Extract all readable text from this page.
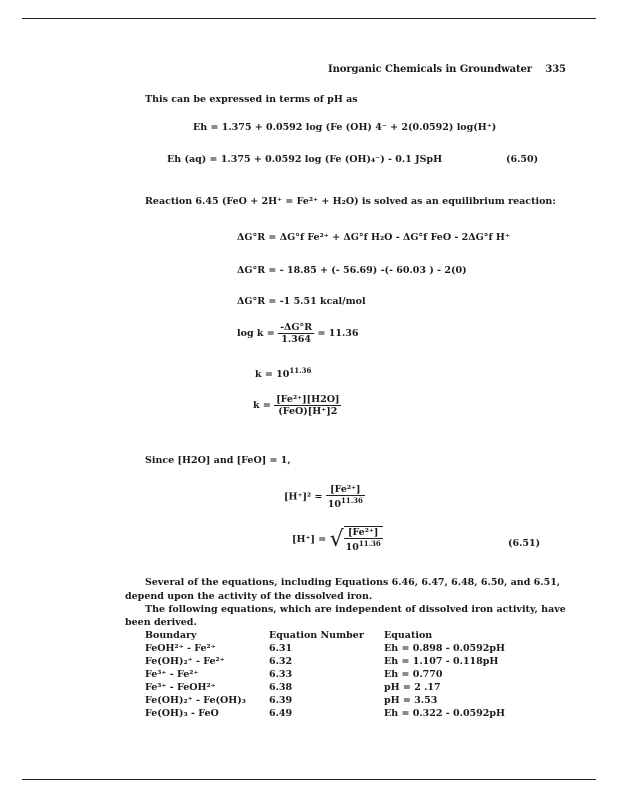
Inorganic Chemicals in Groundwater 335
This can be expressed in terms of pH as
Eh = 1.375 + 0.0592 log (Fe (OH) 4⁻ + 2(0.0592) log(H⁺)
Eh (aq) = 1.375 + 0.0592 log (Fe (OH)₄⁻) - 0.1 JSpH	(6.50)
Reaction 6.45 (FeO + 2H⁺ = Fe²⁺ + H₂O) is solved as an equilibrium reaction:
ΔG°R = ΔG°f Fe²⁺ + ΔG°f H₂O - ΔG°f FeO - 2ΔG°f H⁺
ΔG°R = - 18.85 + (- 56.69) -(- 60.03 ) - 2(0)
ΔG°R = -1 5.51 kcal/mol
$\log k = \frac{-\Delta G^\circ R}{1.364} = 11.36$
$k = 10^{11.36}$
$k = \frac{\text{[Fe²⁺][H2O]}}{\text{(FeO)[H⁺]2}}$
Since [H2O] and [FeO] = 1,
$[H^+]^2 = \frac{\text{[Fe²⁺]}}{10^{11.36}}$
[H⁺] = √ $\frac{\text{[Fe²⁺]}}{10^{11.36}}$	(6.51)
Several of the equations, including Equations 6.46, 6.47, 6.48, 6.50, and 6.51,
depend upon the activity of the dissolved iron.
The following equations, which are independent of dissolved iron activity, have
been derived.
Boundary	Equation Number	Equation
FeOH²⁺ - Fe²⁺	6.31	Eh = 0.898 - 0.0592pH
Fe(OH)₂⁺ - Fe²⁺	6.32	Eh = 1.107 - 0.118pH
Fe³⁺ - Fe²⁺	6.33	Eh = 0.770
Fe³⁺ - FeOH²⁺	6.38	pH = 2 .17
Fe(OH)₂⁺ - Fe(OH)₃	6.39	pH = 3.53
Fe(OH)₃ - FeO	6.49	Eh = 0.322 - 0.0592pH
